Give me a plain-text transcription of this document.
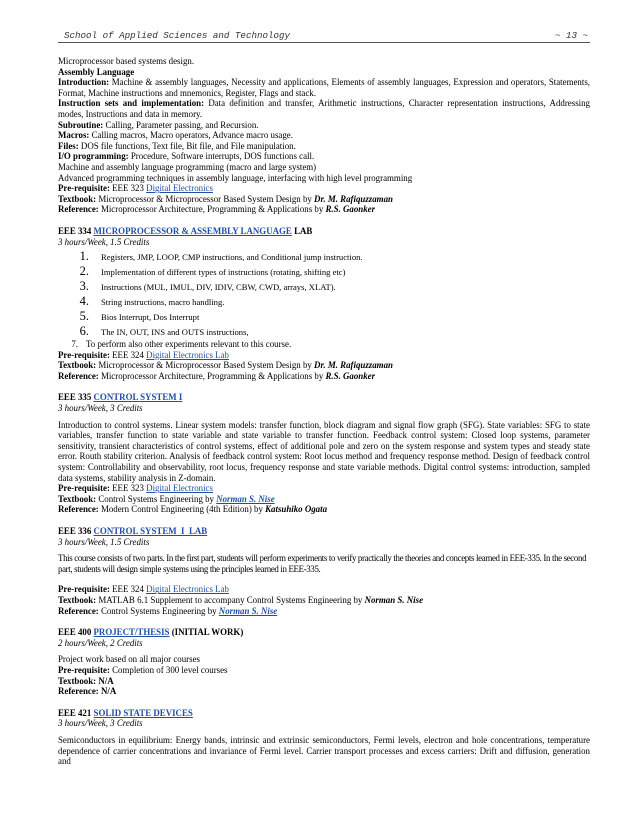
School of Applied Sciences and Technology	~ 13 ~

Microprocessor based systems design.

Assembly Language

Introduction: Machine & assembly languages, Necessity and applications, Elements of assembly languages, Expression and operators, Statements, Format, Machine instructions and mnemonics, Register, Flags and stack.

Instruction sets and implementation: Data definition and transfer, Arithmetic instructions, Character representation instructions, Addressing modes, Instructions and data in memory.

Subroutine: Calling, Parameter passing, and Recursion.

Macros: Calling macros, Macro operators, Advance macro usage.

Files: DOS file functions, Text file, Bit file, and File manipulation.

I/O programming: Procedure, Software interrupts, DOS functions call.

Machine and assembly language programming (macro and large system)

Advanced programming techniques in assembly language, interfacing with high level programming

Pre-requisite: EEE 323 Digital Electronics

Textbook: Microprocessor & Microprocessor Based System Design by Dr. M. Rafiquzzaman

Reference: Microprocessor Architecture, Programming & Applications by R.S. Gaonker

EEE 334 MICROPROCESSOR & ASSEMBLY LANGUAGE LAB

3 hours/Week, 1.5 Credits

1.	Registers, JMP, LOOP, CMP instructions, and Conditional jump instruction.
2.	Implementation of different types of instructions (rotating, shifting etc)
3.	Instructions (MUL, IMUL, DIV, IDIV, CBW, CWD, arrays, XLAT).
4.	String instructions, macro handling.
5.	Bios Interrupt, Dos Interrupt
6.	The IN, OUT, INS and OUTS instructions,

7. To perform also other experiments relevant to this course.

Pre-requisite: EEE 324 Digital Electronics Lab

Textbook: Microprocessor & Microprocessor Based System Design by Dr. M. Rafiquzzaman

Reference: Microprocessor Architecture, Programming & Applications by R.S. Gaonker

EEE 335 CONTROL SYSTEM I

3 hours/Week, 3 Credits

Introduction to control systems. Linear system models: transfer function, block diagram and signal flow graph (SFG). State variables: SFG to state variables, transfer function to state variable and state variable to transfer function. Feedback control system: Closed loop systems, parameter sensitivity, transient characteristics of control systems, effect of additional pole and zero on the system response and system types and steady state error. Routh stability criterion. Analysis of feedback control system: Root locus method and frequency response method. Design of feedback control system: Controllability and observability, root locus, frequency response and state variable methods. Digital control systems: introduction, sampled data systems, stability analysis in Z-domain.

Pre-requisite: EEE 323 Digital Electronics

Textbook: Control Systems Engineering by Norman S. Nise

Reference: Modern Control Engineering (4th Edition) by Katsuhiko Ogata

EEE 336 CONTROL SYSTEM  I  LAB

3 hours/Week, 1.5 Credits

This course consists of two parts. In the first part, students will perform experiments to verify practically the theories and concepts learned in EEE-335. In the second part, students will design simple systems using the principles learned in EEE-335.

Pre-requisite: EEE 324 Digital Electronics Lab

Textbook: MATLAB 6.1 Supplement to accompany Control Systems Engineering by Norman S. Nise

Reference: Control Systems Engineering by Norman S. Nise

EEE 400 PROJECT/THESIS (INITIAL WORK)

2 hours/Week, 2 Credits

Project work based on all major courses

Pre-requisite: Completion of 300 level courses

Textbook: N/A

Reference: N/A

EEE 421 SOLID STATE DEVICES

3 hours/Week, 3 Credits

Semiconductors in equilibrium: Energy bands, intrinsic and extrinsic semiconductors, Fermi levels, electron and hole concentrations, temperature dependence of carrier concentrations and invariance of Fermi level. Carrier transport processes and excess carriers: Drift and diffusion, generation and
